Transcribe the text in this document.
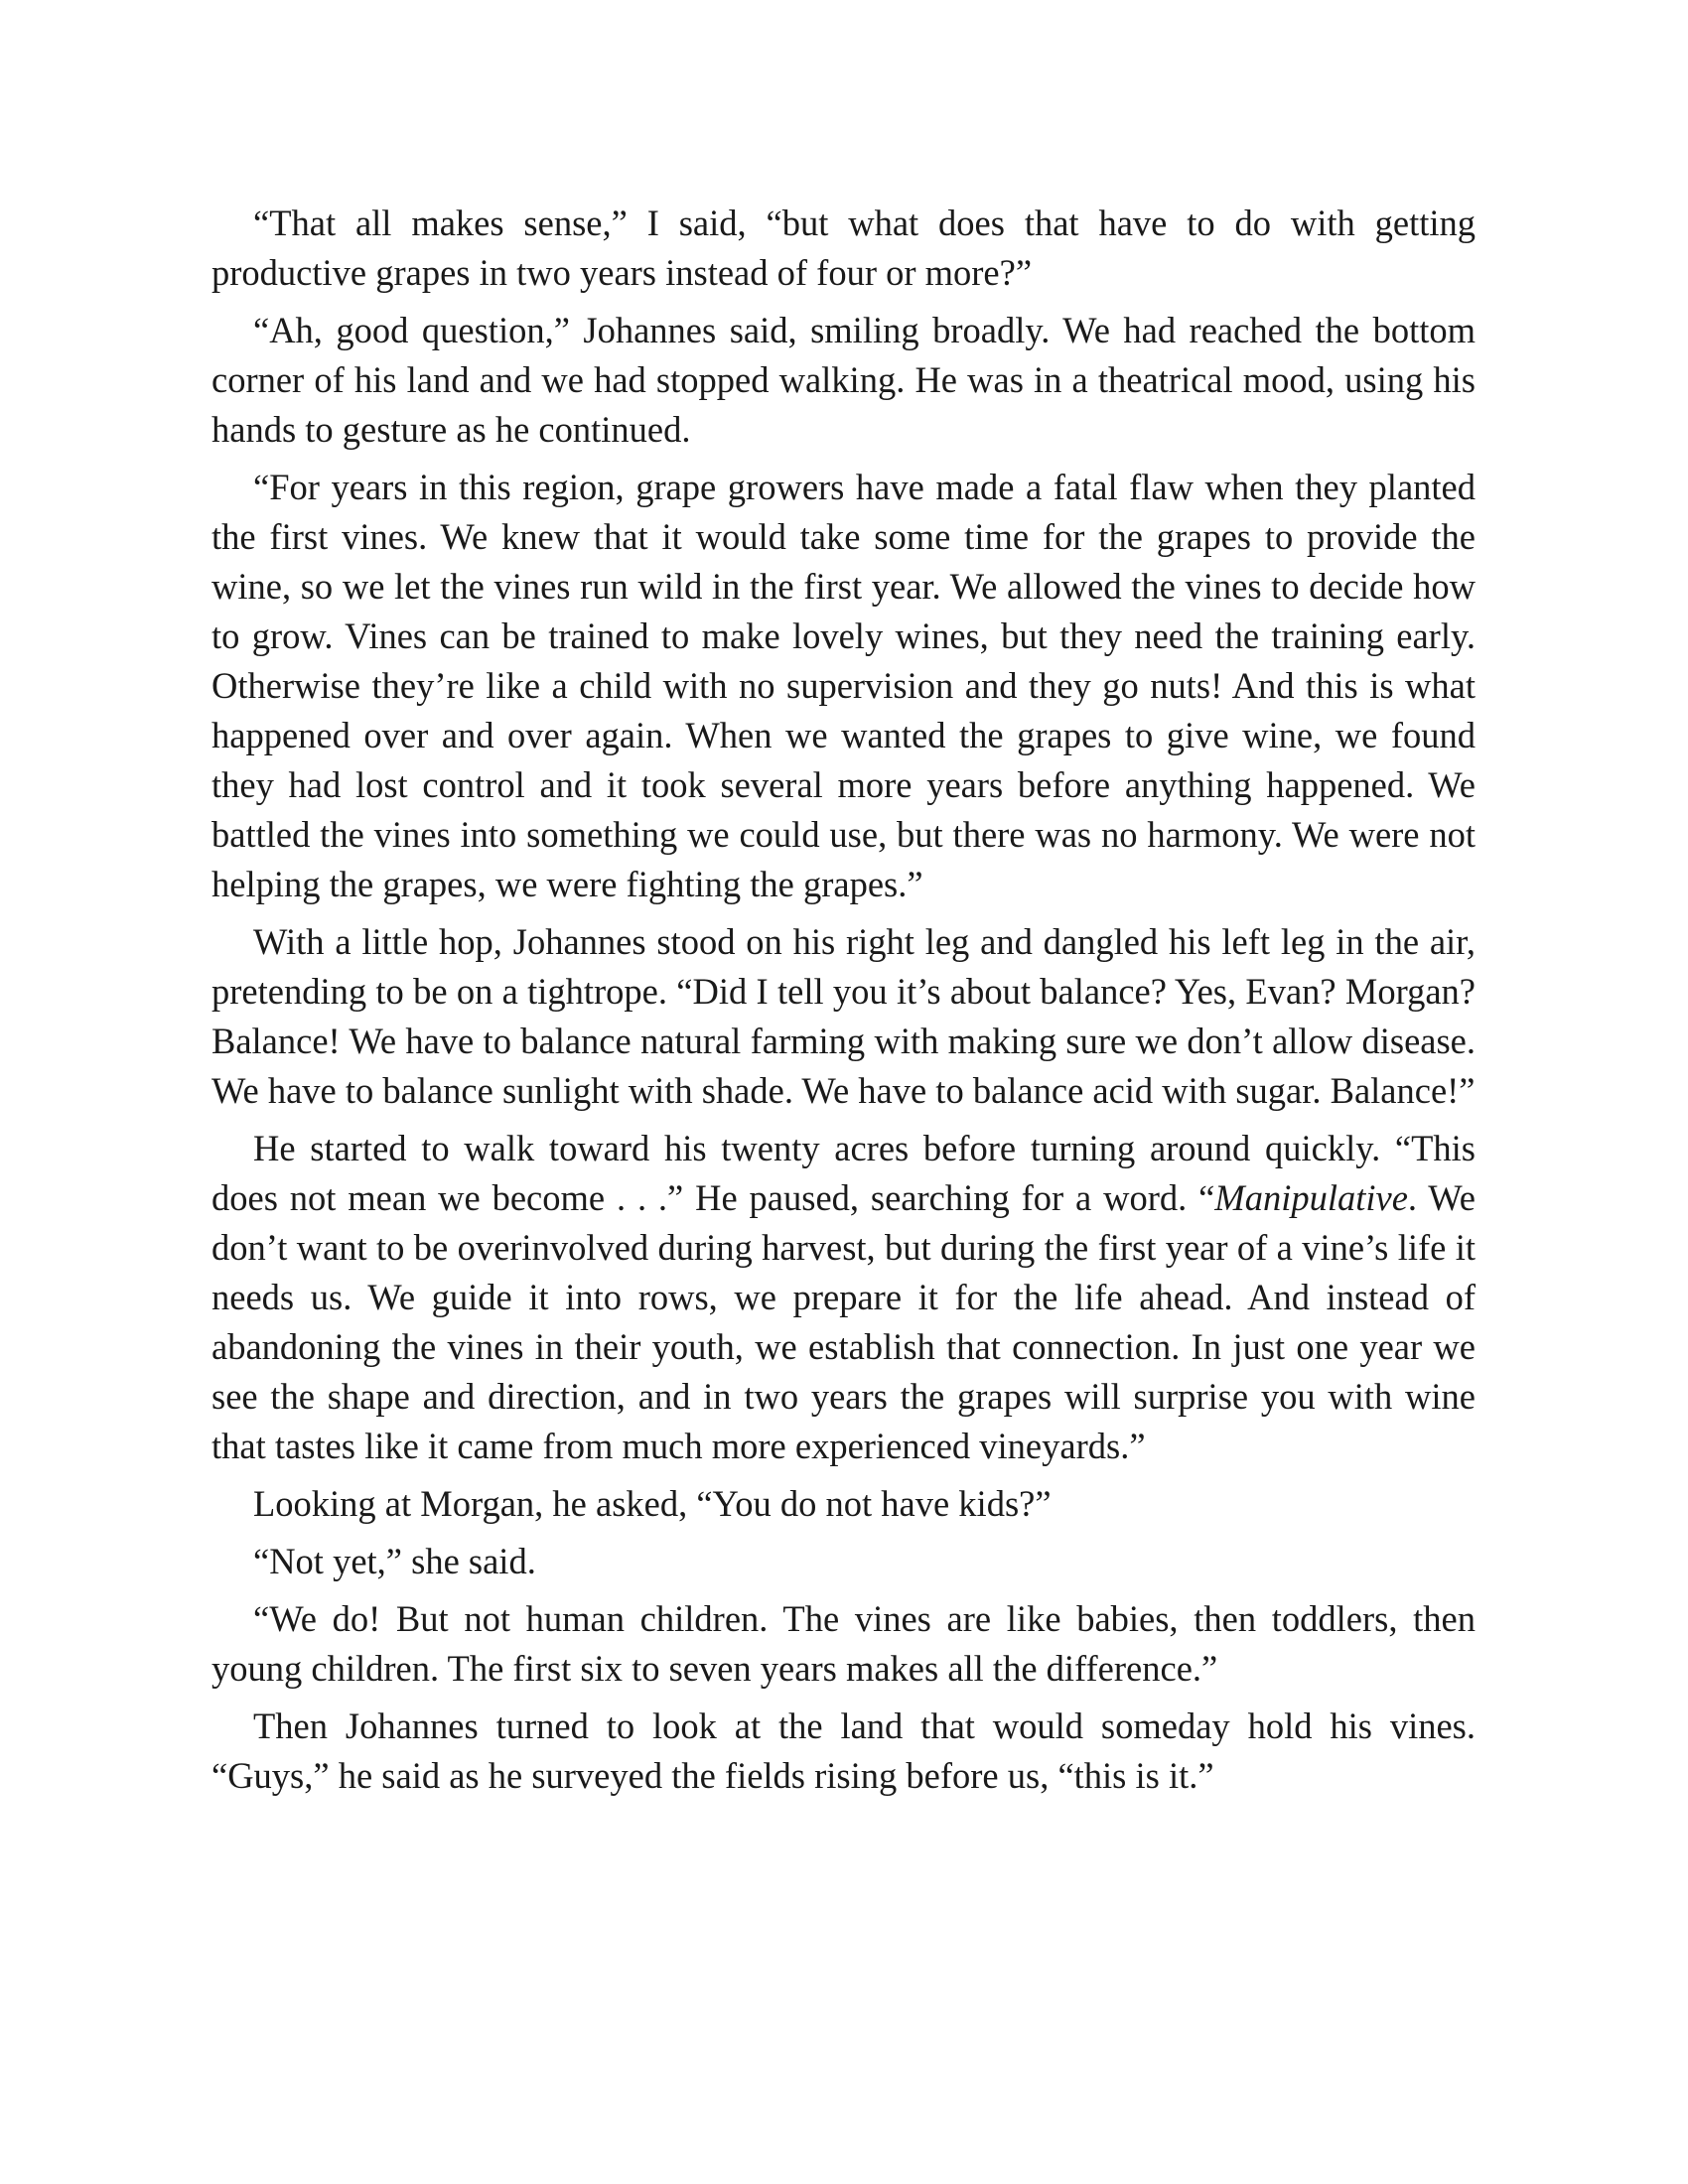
“That all makes sense,” I said, “but what does that have to do with getting productive grapes in two years instead of four or more?”

“Ah, good question,” Johannes said, smiling broadly. We had reached the bottom corner of his land and we had stopped walking. He was in a theatrical mood, using his hands to gesture as he continued.

“For years in this region, grape growers have made a fatal flaw when they planted the first vines. We knew that it would take some time for the grapes to provide the wine, so we let the vines run wild in the first year. We allowed the vines to decide how to grow. Vines can be trained to make lovely wines, but they need the training early. Otherwise they’re like a child with no supervision and they go nuts! And this is what happened over and over again. When we wanted the grapes to give wine, we found they had lost control and it took several more years before anything happened. We battled the vines into something we could use, but there was no harmony. We were not helping the grapes, we were fighting the grapes.”

With a little hop, Johannes stood on his right leg and dangled his left leg in the air, pretending to be on a tightrope. “Did I tell you it’s about balance? Yes, Evan? Morgan? Balance! We have to balance natural farming with making sure we don’t allow disease. We have to balance sunlight with shade. We have to balance acid with sugar. Balance!”

He started to walk toward his twenty acres before turning around quickly. “This does not mean we become . . .” He paused, searching for a word. “Manipulative. We don’t want to be overinvolved during harvest, but during the first year of a vine’s life it needs us. We guide it into rows, we prepare it for the life ahead. And instead of abandoning the vines in their youth, we establish that connection. In just one year we see the shape and direction, and in two years the grapes will surprise you with wine that tastes like it came from much more experienced vineyards.”

Looking at Morgan, he asked, “You do not have kids?”

“Not yet,” she said.

“We do! But not human children. The vines are like babies, then toddlers, then young children. The first six to seven years makes all the difference.”

Then Johannes turned to look at the land that would someday hold his vines. “Guys,” he said as he surveyed the fields rising before us, “this is it.”
